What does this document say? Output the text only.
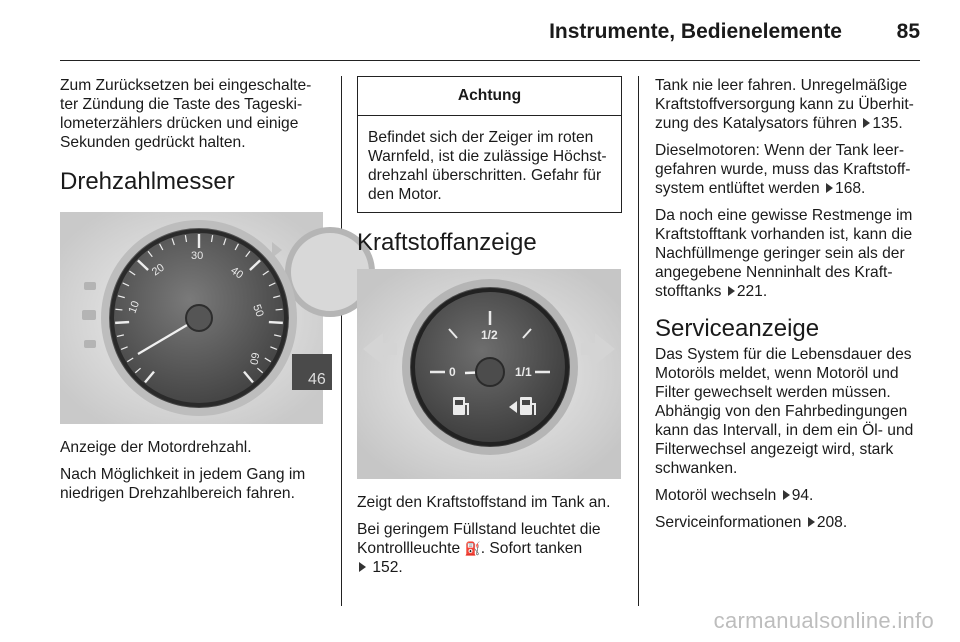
Instrumente, Bedienelemente	85

Zum Zurücksetzen bei eingeschalte- ter Zündung die Taste des Tageski- lometerzählers drücken und einige Sekunden gedrückt halten.

Drehzahlmesser
46
10
20
30
40
50
60

Anzeige der Motordrehzahl.

Nach Möglichkeit in jedem Gang im niedrigen Drehzahlbereich fahren.

Achtung
Befindet sich der Zeiger im roten Warnfeld, ist die zulässige Höchst- drehzahl überschritten. Gefahr für den Motor.
Kraftstoffanzeige
0
1/2
1/1

Zeigt den Kraftstoffstand im Tank an.

Bei geringem Füllstand leuchtet die Kontrollleuchte ⛽. Sofort tanken
152.

Tank nie leer fahren. Unregelmäßige Kraftstoffversorgung kann zu Überhit- zung des Katalysators führen 135.

Dieselmotoren: Wenn der Tank leer- gefahren wurde, muss das Kraftstoff- system entlüftet werden 168.

Da noch eine gewisse Restmenge im Kraftstofftank vorhanden ist, kann die Nachfüllmenge geringer sein als der angegebene Nenninhalt des Kraft- stofftanks 221.

Serviceanzeige

Das System für die Lebensdauer des Motoröls meldet, wenn Motoröl und Filter gewechselt werden müssen. Abhängig von den Fahrbedingungen kann das Intervall, in dem ein Öl- und Filterwechsel angezeigt wird, stark schwanken.

Motoröl wechseln 94.

Serviceinformationen 208.

carmanualsonline.info
